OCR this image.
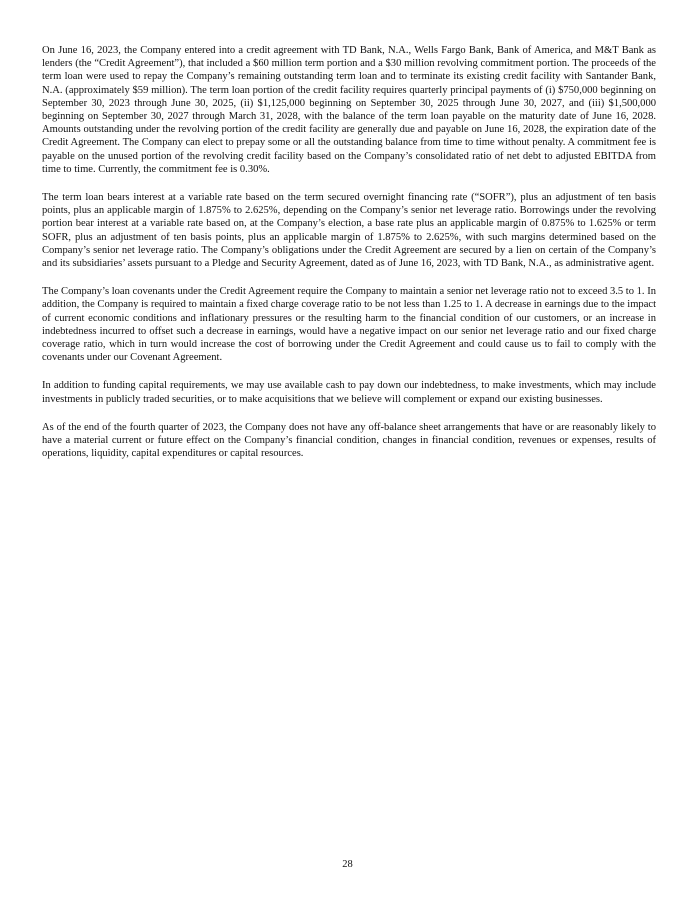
On June 16, 2023, the Company entered into a credit agreement with TD Bank, N.A., Wells Fargo Bank, Bank of America, and M&T Bank as lenders (the “Credit Agreement”), that included a $60 million term portion and a $30 million revolving commitment portion. The proceeds of the term loan were used to repay the Company’s remaining outstanding term loan and to terminate its existing credit facility with Santander Bank, N.A. (approximately $59 million). The term loan portion of the credit facility requires quarterly principal payments of (i) $750,000 beginning on September 30, 2023 through June 30, 2025, (ii) $1,125,000 beginning on September 30, 2025 through June 30, 2027, and (iii) $1,500,000 beginning on September 30, 2027 through March 31, 2028, with the balance of the term loan payable on the maturity date of June 16, 2028. Amounts outstanding under the revolving portion of the credit facility are generally due and payable on June 16, 2028, the expiration date of the Credit Agreement. The Company can elect to prepay some or all the outstanding balance from time to time without penalty. A commitment fee is payable on the unused portion of the revolving credit facility based on the Company’s consolidated ratio of net debt to adjusted EBITDA from time to time. Currently, the commitment fee is 0.30%.

The term loan bears interest at a variable rate based on the term secured overnight financing rate (“SOFR”), plus an adjustment of ten basis points, plus an applicable margin of 1.875% to 2.625%, depending on the Company’s senior net leverage ratio. Borrowings under the revolving portion bear interest at a variable rate based on, at the Company’s election, a base rate plus an applicable margin of 0.875% to 1.625% or term SOFR, plus an adjustment of ten basis points, plus an applicable margin of 1.875% to 2.625%, with such margins determined based on the Company’s senior net leverage ratio. The Company’s obligations under the Credit Agreement are secured by a lien on certain of the Company’s and its subsidiaries’ assets pursuant to a Pledge and Security Agreement, dated as of June 16, 2023, with TD Bank, N.A., as administrative agent.

The Company’s loan covenants under the Credit Agreement require the Company to maintain a senior net leverage ratio not to exceed 3.5 to 1. In addition, the Company is required to maintain a fixed charge coverage ratio to be not less than 1.25 to 1. A decrease in earnings due to the impact of current economic conditions and inflationary pressures or the resulting harm to the financial condition of our customers, or an increase in indebtedness incurred to offset such a decrease in earnings, would have a negative impact on our senior net leverage ratio and our fixed charge coverage ratio, which in turn would increase the cost of borrowing under the Credit Agreement and could cause us to fail to comply with the covenants under our Covenant Agreement.

In addition to funding capital requirements, we may use available cash to pay down our indebtedness, to make investments, which may include investments in publicly traded securities, or to make acquisitions that we believe will complement or expand our existing businesses.

As of the end of the fourth quarter of 2023, the Company does not have any off-balance sheet arrangements that have or are reasonably likely to have a material current or future effect on the Company’s financial condition, changes in financial condition, revenues or expenses, results of operations, liquidity, capital expenditures or capital resources.

28
